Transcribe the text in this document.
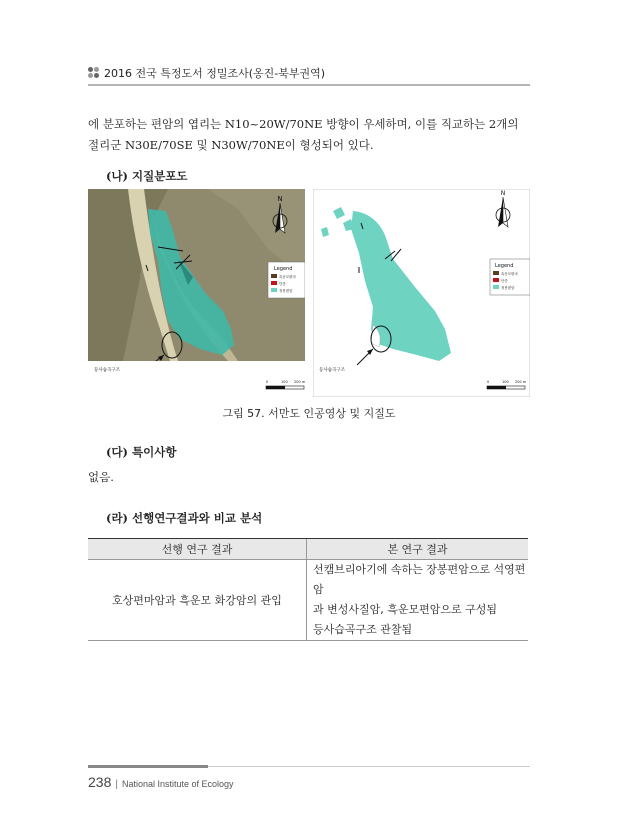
2016 전국 특정도서 정밀조사(옹진-북부권역)
에 분포하는 편암의 엽리는 N10~20W/70NE 방향이 우세하며, 이를 직교하는 2개의
절리군 N30E/70SE 및 N30W/70NE이 형성되어 있다.
(나) 지질분포도
N
Legend
흑운모편마
단층
정봉편암
등사습곡구조
0	100 200 m
N
Legend
흑운모편마
단층
정봉편암
등사습곡구조
0	100 200 m
그림 57. 서만도 인공영상 및 지질도
(다) 특이사항
없음.
(라) 선행연구결과와 비교 분석
선행 연구 결과	본 연구 결과
호상편마암과 흑운모 화강암의 관입	선캠브리아기에 속하는 장봉편암으로 석영편암
과 변성사질암, 흑운모편암으로 구성됨
등사습곡구조 관찰됨
238 | National Institute of Ecology
